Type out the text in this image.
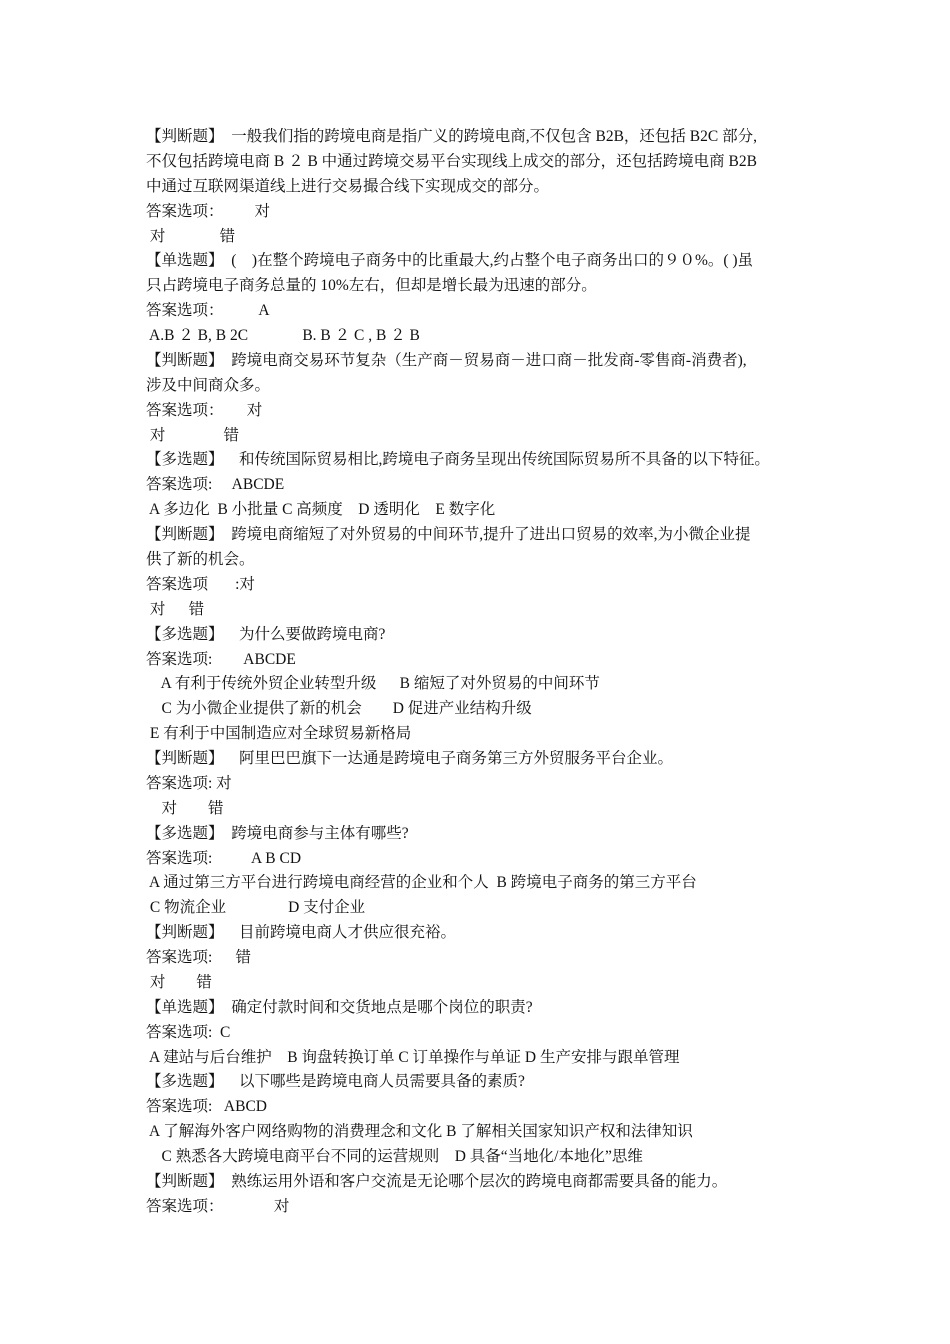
【判断题】  一般我们指的跨境电商是指广义的跨境电商,不仅包含 B2B，还包括 B2C 部分,
不仅包括跨境电商 B ２ B 中通过跨境交易平台实现线上成交的部分，还包括跨境电商 B2B
中通过互联网渠道线上进行交易撮合线下实现成交的部分。
答案选项：        对
对              错
【单选题】  (    )在整个跨境电子商务中的比重最大,约占整个电子商务出口的９０%。( )虽
只占跨境电子商务总量的 10%左右，但却是增长最为迅速的部分。
答案选项：         A
A.B ２ B, B 2C              B. B ２ C , B ２ B
【判断题】  跨境电商交易环节复杂（生产商－贸易商－进口商－批发商-零售商-消费者),
涉及中间商众多。
答案选项：      对
对               错
【多选题】    和传统国际贸易相比,跨境电子商务呈现出传统国际贸易所不具备的以下特征。
答案选项:     ABCDE
A 多边化  B 小批量 C 高频度    D 透明化    E 数字化
【判断题】  跨境电商缩短了对外贸易的中间环节,提升了进出口贸易的效率,为小微企业提
供了新的机会。
答案选项       :对
对      错
【多选题】    为什么要做跨境电商?
答案选项:        ABCDE
A 有利于传统外贸企业转型升级      B 缩短了对外贸易的中间环节
C 为小微企业提供了新的机会        D 促进产业结构升级
E 有利于中国制造应对全球贸易新格局
【判断题】    阿里巴巴旗下一达通是跨境电子商务第三方外贸服务平台企业。
答案选项: 对
对        错
【多选题】  跨境电商参与主体有哪些?
答案选项:          A B CD
A 通过第三方平台进行跨境电商经营的企业和个人  B 跨境电子商务的第三方平台
C 物流企业                D 支付企业
【判断题】    目前跨境电商人才供应很充裕。
答案选项:      错
对        错
【单选题】  确定付款时间和交货地点是哪个岗位的职责?
答案选项:  C
A 建站与后台维护    B 询盘转换订单 C 订单操作与单证 D 生产安排与跟单管理
【多选题】    以下哪些是跨境电商人员需要具备的素质?
答案选项:   ABCD
A 了解海外客户网络购物的消费理念和文化 B 了解相关国家知识产权和法律知识
C 熟悉各大跨境电商平台不同的运营规则    D 具备“当地化/本地化”思维
【判断题】  熟练运用外语和客户交流是无论哪个层次的跨境电商都需要具备的能力。
答案选项：             对
